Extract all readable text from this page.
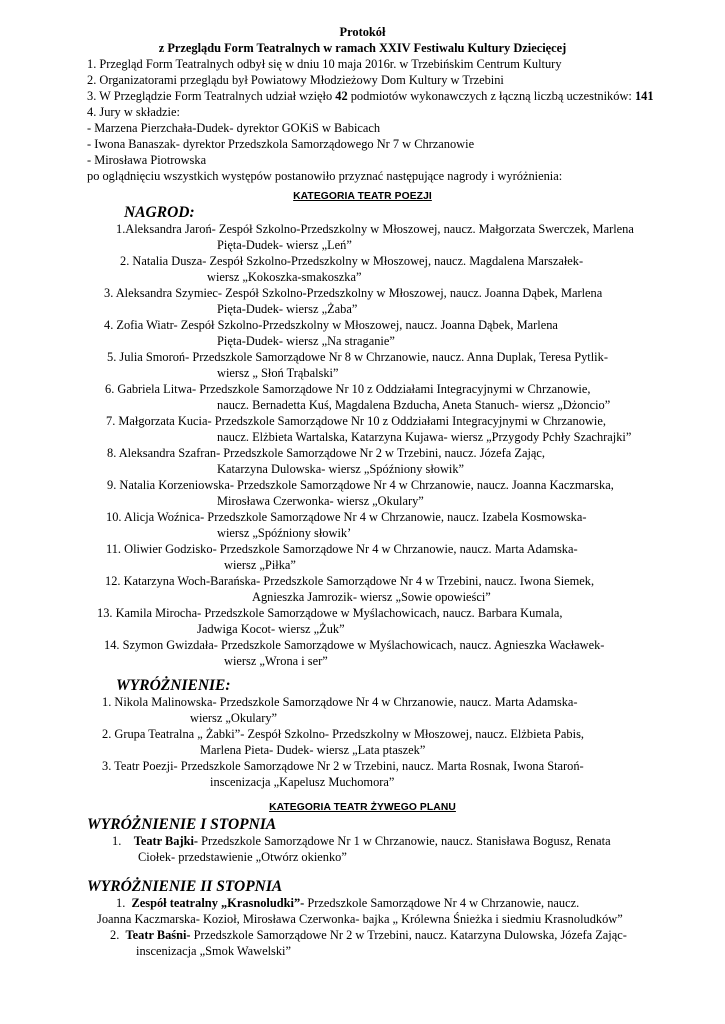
Protokół
z Przeglądu Form Teatralnych w ramach XXIV Festiwalu Kultury Dziecięcej
1. Przegląd Form Teatralnych odbył się w dniu 10 maja 2016r. w Trzebińskim Centrum Kultury
2. Organizatorami przeglądu był Powiatowy Młodzieżowy Dom Kultury w Trzebini
3. W Przeglądzie Form Teatralnych udział wzięło 42 podmiotów wykonawczych z łączną liczbą uczestników: 141
4. Jury w składzie:
- Marzena Pierzchała-Dudek- dyrektor GOKiS w Babicach
- Iwona Banaszak- dyrektor Przedszkola Samorządowego Nr 7 w Chrzanowie
- Mirosława Piotrowska
po oglądnięciu wszystkich występów postanowiło przyznać następujące nagrody i wyróżnienia:
KATEGORIA TEATR POEZJI
NAGROD:
1.Aleksandra Jaroń- Zespół Szkolno-Przedszkolny w Młoszowej, naucz. Małgorzata Swerczek, Marlena
Pięta-Dudek- wiersz „Leń”
2. Natalia Dusza- Zespół Szkolno-Przedszkolny w Młoszowej, naucz. Magdalena Marszałek-
wiersz „Kokoszka-smakoszka”
3. Aleksandra Szymiec- Zespół Szkolno-Przedszkolny w Młoszowej, naucz. Joanna Dąbek, Marlena
Pięta-Dudek- wiersz „Żaba”
4. Zofia Wiatr- Zespół Szkolno-Przedszkolny w Młoszowej, naucz. Joanna Dąbek, Marlena
Pięta-Dudek- wiersz „Na straganie”
5. Julia Smoroń- Przedszkole Samorządowe Nr 8 w Chrzanowie, naucz. Anna Duplak, Teresa Pytlik-
wiersz „ Słoń Trąbalski”
6. Gabriela Litwa- Przedszkole Samorządowe Nr 10 z Oddziałami Integracyjnymi w Chrzanowie,
naucz. Bernadetta Kuś, Magdalena Bzducha, Aneta Stanuch- wiersz „Dżoncio”
7. Małgorzata Kucia- Przedszkole Samorządowe Nr 10 z Oddziałami Integracyjnymi w Chrzanowie,
naucz. Elżbieta Wartalska, Katarzyna Kujawa- wiersz „Przygody Pchły Szachrajki”
8. Aleksandra Szafran- Przedszkole Samorządowe Nr 2 w Trzebini, naucz. Józefa Zając,
Katarzyna Dulowska- wiersz „Spóźniony słowik”
9. Natalia Korzeniowska- Przedszkole Samorządowe Nr 4 w Chrzanowie, naucz. Joanna Kaczmarska,
Mirosława Czerwonka- wiersz „Okulary”
10. Alicja Woźnica- Przedszkole Samorządowe Nr 4 w Chrzanowie, naucz. Izabela Kosmowska-
wiersz „Spóźniony słowik’
11. Oliwier Godzisko- Przedszkole Samorządowe Nr 4 w Chrzanowie, naucz. Marta Adamska-
wiersz „Piłka”
12. Katarzyna Woch-Barańska- Przedszkole Samorządowe Nr 4 w Trzebini, naucz. Iwona Siemek,
Agnieszka Jamrozik- wiersz „Sowie opowieści”
13. Kamila Mirocha- Przedszkole Samorządowe w Myślachowicach, naucz. Barbara Kumala,
Jadwiga Kocot- wiersz „Żuk”
14. Szymon Gwizdała- Przedszkole Samorządowe w Myślachowicach, naucz. Agnieszka Wacławek-
wiersz „Wrona i ser”
WYRÓŻNIENIE:
1. Nikola Malinowska- Przedszkole Samorządowe Nr 4 w Chrzanowie, naucz. Marta Adamska-
wiersz „Okulary”
2. Grupa Teatralna „ Żabki”- Zespół Szkolno- Przedszkolny w Młoszowej, naucz. Elżbieta Pabis,
Marlena Pieta- Dudek- wiersz „Lata ptaszek”
3. Teatr Poezji- Przedszkole Samorządowe Nr 2 w Trzebini, naucz. Marta Rosnak, Iwona Staroń-
inscenizacja „Kapelusz Muchomora”
KATEGORIA TEATR ŻYWEGO PLANU
WYRÓŻNIENIE I STOPNIA
1. Teatr Bajki- Przedszkole Samorządowe Nr 1 w Chrzanowie, naucz. Stanisława Bogusz, Renata
Ciołek- przedstawienie „Otwórz okienko”
WYRÓŻNIENIE II STOPNIA
1. Zespół teatralny „Krasnoludki”- Przedszkole Samorządowe Nr 4 w Chrzanowie, naucz.
Joanna Kaczmarska- Kozioł, Mirosława Czerwonka- bajka „ Królewna Śnieżka i siedmiu Krasnoludków”
2. Teatr Baśni- Przedszkole Samorządowe Nr 2 w Trzebini, naucz. Katarzyna Dulowska, Józefa Zając-
inscenizacja „Smok Wawelski”
